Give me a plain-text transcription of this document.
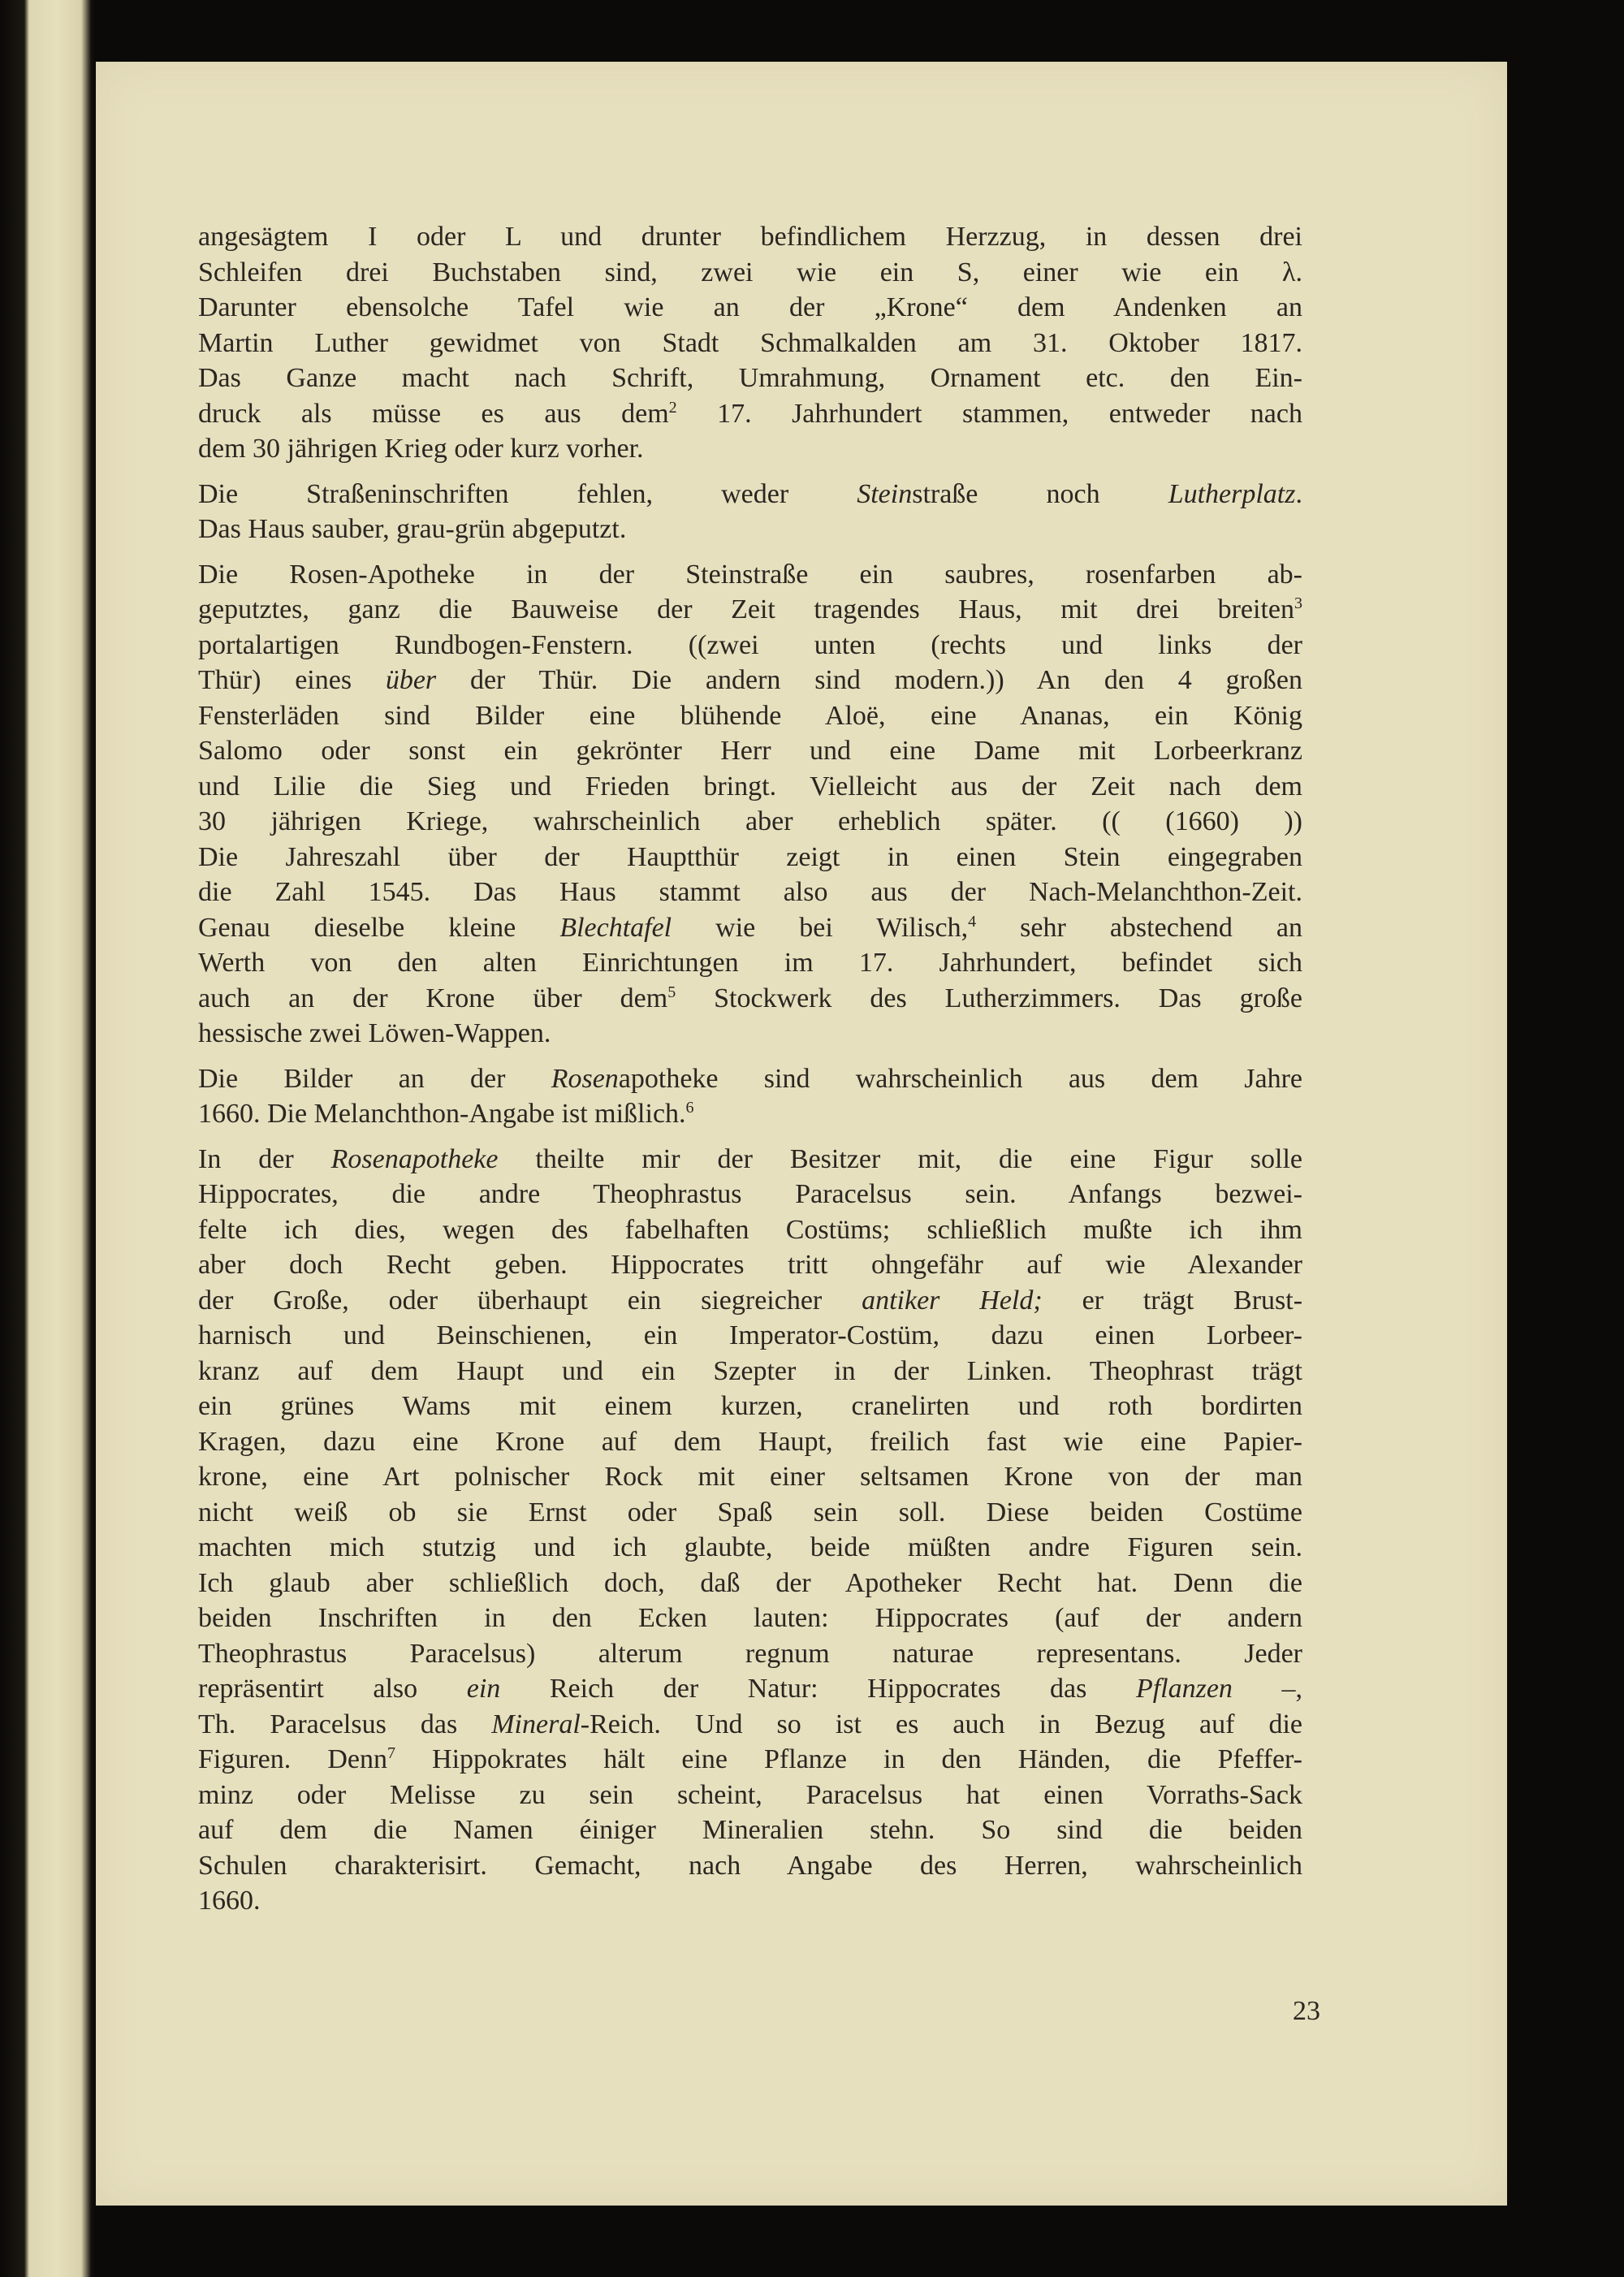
angesägtem I oder L und drunter befindlichem Herzzug, in dessen drei
Schleifen drei Buchstaben sind, zwei wie ein S, einer wie ein λ.
Darunter ebensolche Tafel wie an der „Krone“ dem Andenken an
Martin Luther gewidmet von Stadt Schmalkalden am 31. Oktober 1817.
Das Ganze macht nach Schrift, Umrahmung, Ornament etc. den Ein-
druck als müsse es aus dem$^2$ 17. Jahrhundert stammen, entweder nach
dem 30 jährigen Krieg oder kurz vorher.
Die Straßeninschriften fehlen, weder Steinstraße noch Lutherplatz.
Das Haus sauber, grau-grün abgeputzt.
Die Rosen-Apotheke in der Steinstraße ein saubres, rosenfarben ab-
geputztes, ganz die Bauweise der Zeit tragendes Haus, mit drei breiten$^3$
portalartigen Rundbogen-Fenstern. ((zwei unten (rechts und links der
Thür) eines über der Thür. Die andern sind modern.)) An den 4 großen
Fensterläden sind Bilder eine blühende Aloë, eine Ananas, ein König
Salomo oder sonst ein gekrönter Herr und eine Dame mit Lorbeerkranz
und Lilie die Sieg und Frieden bringt. Vielleicht aus der Zeit nach dem
30 jährigen Kriege, wahrscheinlich aber erheblich später. (( (1660) ))
Die Jahreszahl über der Hauptthür zeigt in einen Stein eingegraben
die Zahl 1545. Das Haus stammt also aus der Nach-Melanchthon-Zeit.
Genau dieselbe kleine Blechtafel wie bei Wilisch,$^4$ sehr abstechend an
Werth von den alten Einrichtungen im 17. Jahrhundert, befindet sich
auch an der Krone über dem$^5$ Stockwerk des Lutherzimmers. Das große
hessische zwei Löwen-Wappen.
Die Bilder an der Rosenapotheke sind wahrscheinlich aus dem Jahre
1660. Die Melanchthon-Angabe ist mißlich.$^6$
In der Rosenapotheke theilte mir der Besitzer mit, die eine Figur solle
Hippocrates, die andre Theophrastus Paracelsus sein. Anfangs bezwei-
felte ich dies, wegen des fabelhaften Costüms; schließlich mußte ich ihm
aber doch Recht geben. Hippocrates tritt ohngefähr auf wie Alexander
der Große, oder überhaupt ein siegreicher antiker Held; er trägt Brust-
harnisch und Beinschienen, ein Imperator-Costüm, dazu einen Lorbeer-
kranz auf dem Haupt und ein Szepter in der Linken. Theophrast trägt
ein grünes Wams mit einem kurzen, cranelirten und roth bordirten
Kragen, dazu eine Krone auf dem Haupt, freilich fast wie eine Papier-
krone, eine Art polnischer Rock mit einer seltsamen Krone von der man
nicht weiß ob sie Ernst oder Spaß sein soll. Diese beiden Costüme
machten mich stutzig und ich glaubte, beide müßten andre Figuren sein.
Ich glaub aber schließlich doch, daß der Apotheker Recht hat. Denn die
beiden Inschriften in den Ecken lauten: Hippocrates (auf der andern
Theophrastus Paracelsus) alterum regnum naturae representans. Jeder
repräsentirt also ein Reich der Natur: Hippocrates das Pflanzen –,
Th. Paracelsus das Mineral-Reich. Und so ist es auch in Bezug auf die
Figuren. Denn$^7$ Hippokrates hält eine Pflanze in den Händen, die Pfeffer-
minz oder Melisse zu sein scheint, Paracelsus hat einen Vorraths-Sack
auf dem die Namen éiniger Mineralien stehn. So sind die beiden
Schulen charakterisirt. Gemacht, nach Angabe des Herren, wahrscheinlich
1660.
23
